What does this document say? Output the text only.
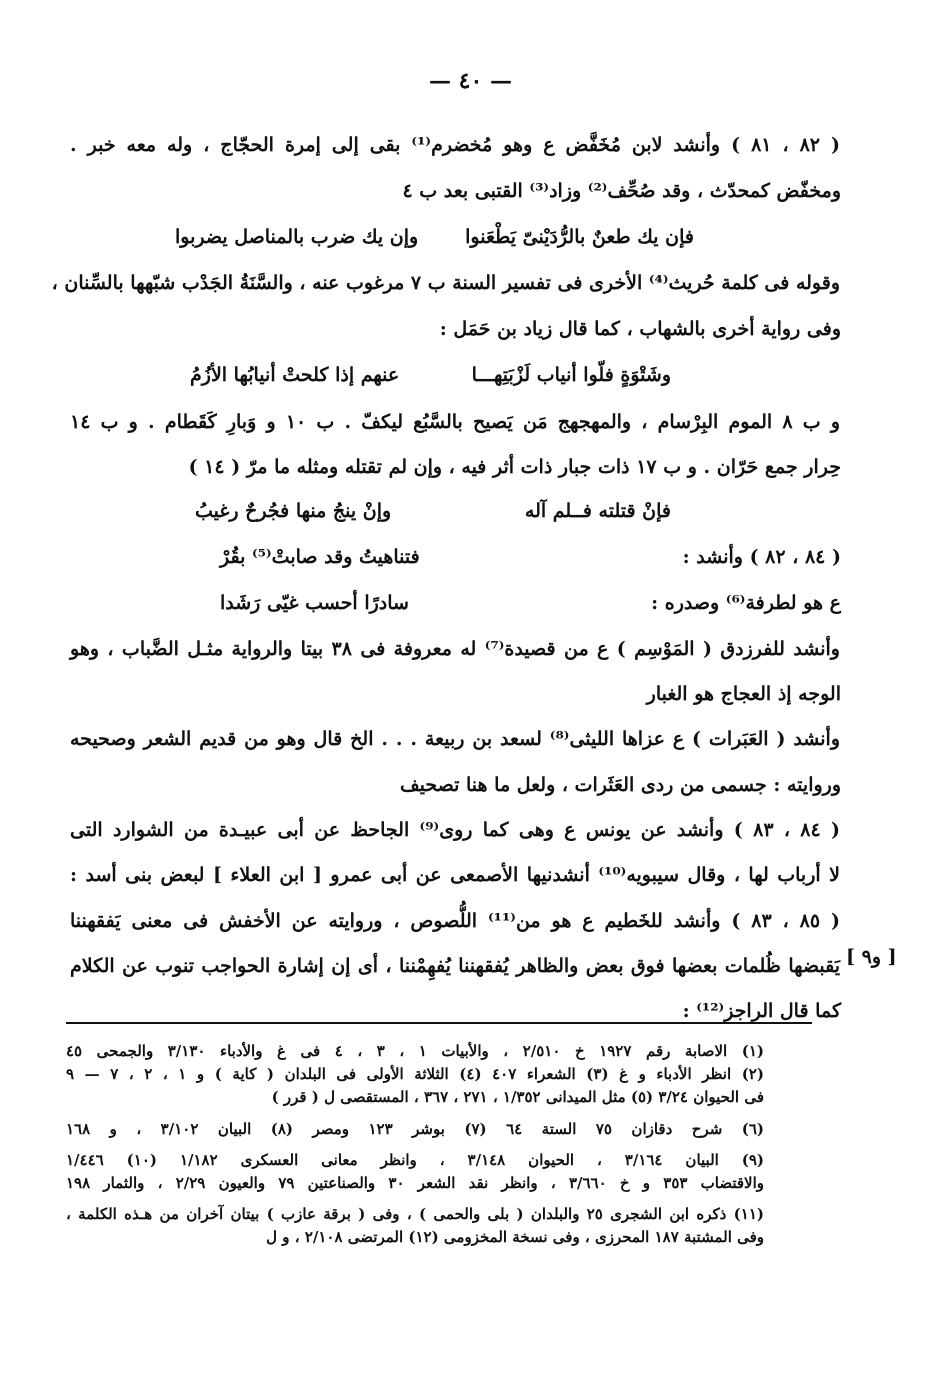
— ٤٠ —
( ٨٢ ، ٨١ ) وأنشد لابن مُخَفَّض ع وهو مُخضرم⁽¹⁾ بقى إلى إمرة الحجّاج ، وله معه خبر .
ومخفّض كمحدّث ، وقد صُحِّف⁽²⁾ وزاد⁽³⁾ القتبى بعد ب ٤
وقوله فى كلمة حُريث⁽⁴⁾ الأخرى فى تفسير السنة ب ٧ مرغوب عنه ، والسَّنَةُ الجَدْب شبّهها بالسِّنان ،
وفى رواية أخرى بالشهاب ، كما قال زياد بن حَمَل :
و ب ٨ الموم البِرْسام ، والمهجهج مَن يَصيح بالسَّبُع ليكفّ . ب ١٠ و وَبارِ كَقَطام . و ب ١٤
حِرار جمع حَرّان . و ب ١٧ ذات جبار ذات أثر فيه ، وإن لم تقتله ومثله ما مرّ ( ١٤ )
وأنشد للفرزدق ( المَوْسِم ) ع من قصيدة⁽⁷⁾ له معروفة فى ٣٨ بيتا والرواية مثـل الضَّباب ، وهو
الوجه إذ العجاج هو الغبار
وأنشد ( العَبَرات ) ع عزاها الليثى⁽⁸⁾ لسعد بن ربيعة . . . الخ قال وهو من قديم الشعر وصحيحه
وروايته : جسمى من ردى العَثَرات ، ولعل ما هنا تصحيف
( ٨٤ ، ٨٣ ) وأنشد عن يونس ع وهى كما روى⁽⁹⁾ الجاحظ عن أبى عبيـدة من الشوارد التى
لا أرباب لها ، وقال سيبويه⁽¹⁰⁾ أنشدنيها الأصمعى عن أبى عمرو [ ابن العلاء ] لبعض بنى أسد :
( ٨٥ ، ٨٣ ) وأنشد للخَطيم ع هو من⁽¹¹⁾ اللُّصوص ، وروايته عن الأخفش فى معنى يَفقهننا
يَقبضها ظُلمات بعضها فوق بعض والظاهر يُفقهننا يُفهِمْننا ، أى إن إشارة الحواجب تنوب عن الكلام
كما قال الراجز⁽¹²⁾ :
فإن يك طعنٌ بالرُّدَيْنىّ يَطْعَنوا
وإن يك ضرب بالمناصل يضربوا
وشَتْوَةٍ فلّوا أنياب لَزْبَتِهـــا
عنهم إذا كلحتْ أنيابُها الأزُمُ
فإنْ قتلته فــلم آله
وإنْ ينجُ منها فجُرحٌ رغيبُ
( ٨٤ ، ٨٢ ) وأنشد :
فتناهيتُ وقد صابتْ⁽⁵⁾ بقُرْ
ع هو لطرفة⁽⁶⁾ وصدره :
سادرًا أحسب غيّى رَشَدا
[ و٩ ]
(١) الاصابة رقم ١٩٢٧ خ ٢/٥١٠ ، والأبيات ١ ، ٣ ، ٤ فى غ والأدباء ٣/١٣٠ والجمحى ٤٥
(٢) انظر الأدباء و غ (٣) الشعراء ٤٠٧ (٤) الثلاثة الأولى فى البلدان ( كاية ) و ١ ، ٢ ، ٧ — ٩
فى الحيوان ٣/٢٤ (٥) مثل الميدانى ١/٣٥٢ ، ٢٧١ ، ٣٦٧ ، المستقصى ل ( قرر )
(٦) شرح دقازان ٧٥ الستة ٦٤ (٧) بوشر ١٢٣ ومصر (٨) البيان ٣/١٠٢ ، و ١٦٨
(٩) البيان ٣/١٦٤ ، الحيوان ٣/١٤٨ ، وانظر معانى العسكرى ١/١٨٢ (١٠) ١/٤٤٦
والاقتضاب ٣٥٣ و خ ٣/٦٦٠ ، وانظر نقد الشعر ٣٠ والصناعتين ٧٩ والعيون ٢/٢٩ ، والثمار ١٩٨
(١١) ذكره ابن الشجرى ٢٥ والبلدان ( بلى والحمى ) ، وفى ( برقة عازب ) بيتان آخران من هـذه الكلمة ،
وفى المشتبة ١٨٧ المحرزى ، وفى نسخة المخزومى (١٢) المرتضى ٢/١٠٨ ، و ل
